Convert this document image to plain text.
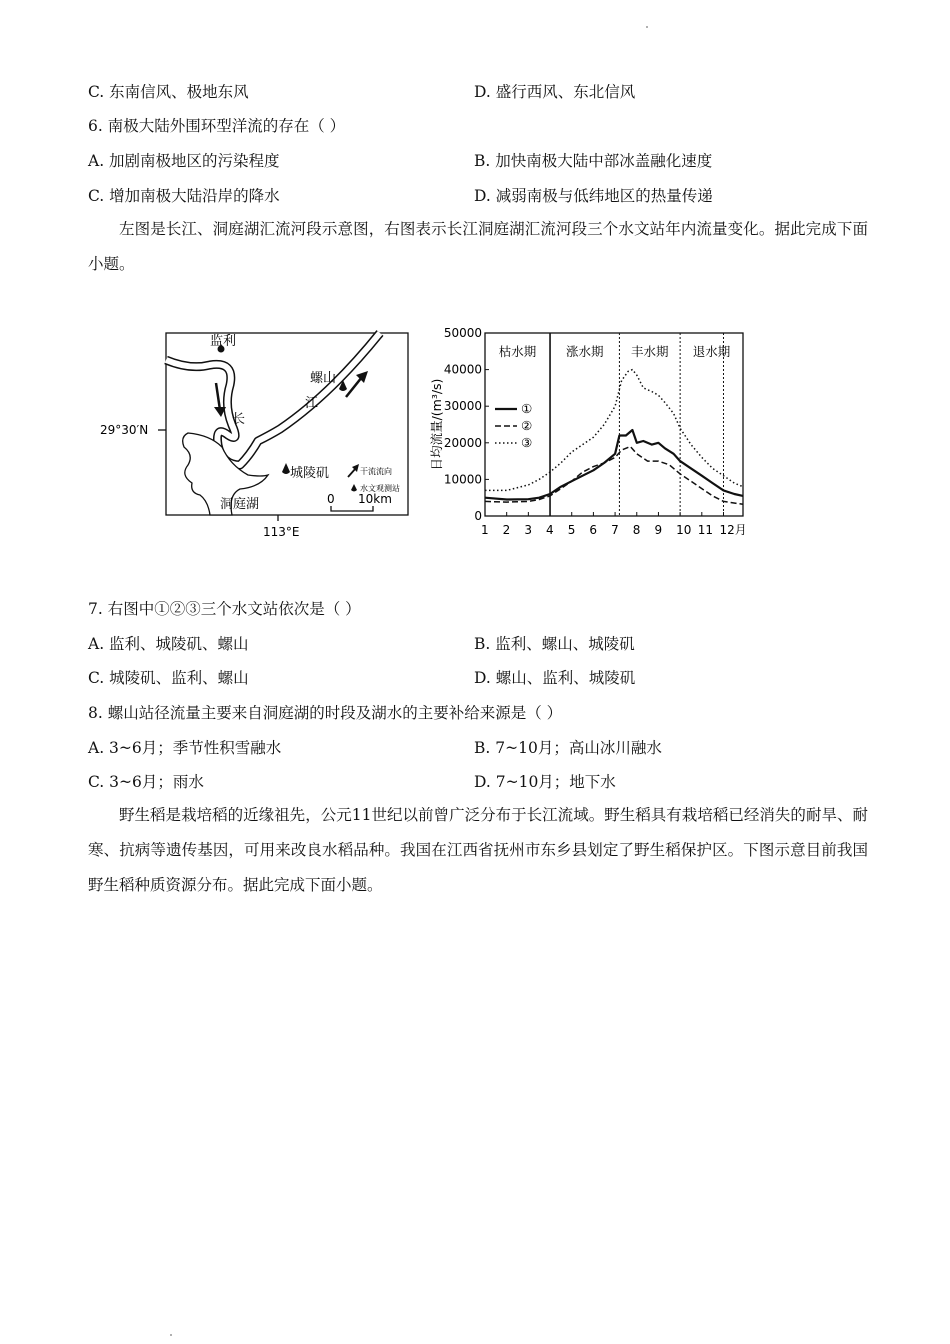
C. 东南信风、极地东风	D. 盛行西风、东北信风
6. 南极大陆外围环型洋流的存在（ ）
A. 加剧南极地区的污染程度	B. 加快南极大陆中部冰盖融化速度
C. 增加南极大陆沿岸的降水	D. 减弱南极与低纬地区的热量传递
左图是长江、洞庭湖汇流河段示意图，右图表示长江洞庭湖汇流河段三个水文站年内流量变化。据此完成下面小题。
监利
螺山
城陵矶
长
江
洞庭湖
29°30′N
113°E
干流流向
水文观测站
0 10km
0
10000
20000
30000
40000
50000
1 2 3 4 5 6 7 8 9 10 11 12月
枯水期 涨水期 丰水期 退水期
日均流量/(m³/s)	①
②
③
7. 右图中①②③三个水文站依次是（ ）
A. 监利、城陵矶、螺山	B. 监利、螺山、城陵矶
C. 城陵矶、监利、螺山	D. 螺山、监利、城陵矶
8. 螺山站径流量主要来自洞庭湖的时段及湖水的主要补给来源是（ ）
A. 3~6月；季节性积雪融水	B. 7~10月；高山冰川融水
C. 3~6月；雨水	D. 7~10月；地下水
野生稻是栽培稻的近缘祖先，公元11世纪以前曾广泛分布于长江流域。野生稻具有栽培稻已经消失的耐旱、耐寒、抗病等遗传基因，可用来改良水稻品种。我国在江西省抚州市东乡县划定了野生稻保护区。下图示意目前我国野生稻种质资源分布。据此完成下面小题。
